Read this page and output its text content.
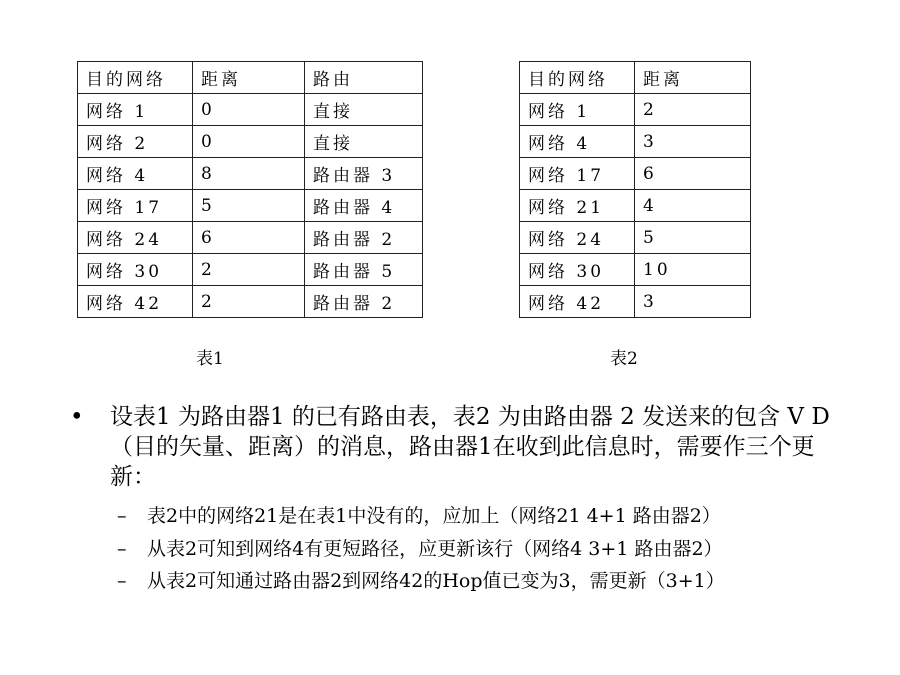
目的网络	距离	路由
网络 1	0	直接
网络 2	0	直接
网络 4	8	路由器 3
网络 17	5	路由器 4
网络 24	6	路由器 2
网络 30	2	路由器 5
网络 42	2	路由器 2
目的网络	距离
网络 1	2
网络 4	3
网络 17	6
网络 21	4
网络 24	5
网络 30	10
网络 42	3
表1	表2
• 设表1 为路由器1 的已有路由表，表2 为由路由器 2 发送来的包含 V D （目的矢量、距离）的消息，路由器1在收到此信息时，需要作三个更新：
– 表2中的网络21是在表1中没有的，应加上（网络21 4+1 路由器2）
– 从表2可知到网络4有更短路径，应更新该行（网络4 3+1 路由器2）
– 从表2可知通过路由器2到网络42的Hop值已变为3，需更新（3+1）
